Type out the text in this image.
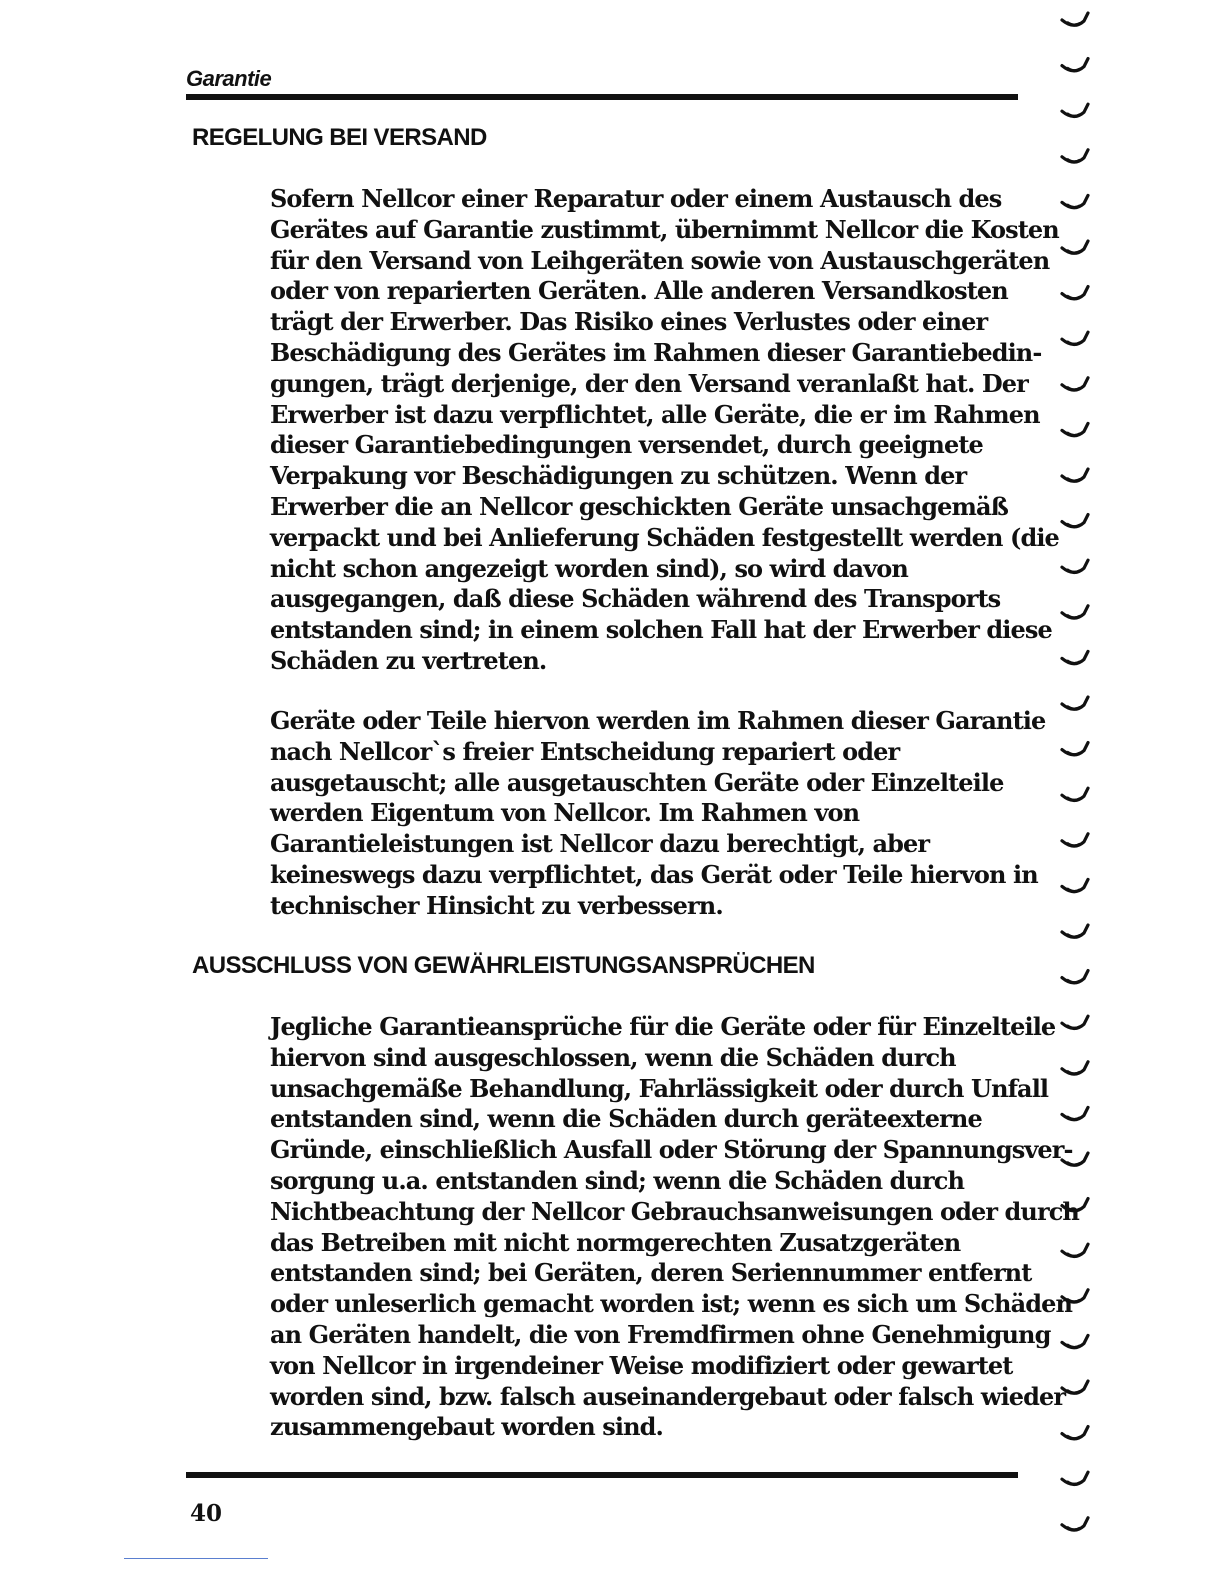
Garantie
REGELUNG BEI VERSAND

Sofern Nellcor einer Reparatur oder einem Austausch des
Gerätes auf Garantie zustimmt, übernimmt Nellcor die Kosten
für den Versand von Leihgeräten sowie von Austauschgeräten
oder von reparierten Geräten. Alle anderen Versandkosten
trägt der Erwerber. Das Risiko eines Verlustes oder einer
Beschädigung des Gerätes im Rahmen dieser Garantiebedin-
gungen, trägt derjenige, der den Versand veranlaßt hat. Der
Erwerber ist dazu verpflichtet, alle Geräte, die er im Rahmen
dieser Garantiebedingungen versendet, durch geeignete
Verpakung vor Beschädigungen zu schützen. Wenn der
Erwerber die an Nellcor geschickten Geräte unsachgemäß
verpackt und bei Anlieferung Schäden festgestellt werden (die
nicht schon angezeigt worden sind), so wird davon
ausgegangen, daß diese Schäden während des Transports
entstanden sind; in einem solchen Fall hat der Erwerber diese
Schäden zu vertreten.

Geräte oder Teile hiervon werden im Rahmen dieser Garantie
nach Nellcor`s freier Entscheidung repariert oder
ausgetauscht; alle ausgetauschten Geräte oder Einzelteile
werden Eigentum von Nellcor. Im Rahmen von
Garantieleistungen ist Nellcor dazu berechtigt, aber
keineswegs dazu verpflichtet, das Gerät oder Teile hiervon in
technischer Hinsicht zu verbessern.

AUSSCHLUSS VON GEWÄHRLEISTUNGSANSPRÜCHEN

Jegliche Garantieansprüche für die Geräte oder für Einzelteile
hiervon sind ausgeschlossen, wenn die Schäden durch
unsachgemäße Behandlung, Fahrlässigkeit oder durch Unfall
entstanden sind, wenn die Schäden durch geräteexterne
Gründe, einschließlich Ausfall oder Störung der Spannungsver-
sorgung u.a. entstanden sind; wenn die Schäden durch
Nichtbeachtung der Nellcor Gebrauchsanweisungen oder durch
das Betreiben mit nicht normgerechten Zusatzgeräten
entstanden sind; bei Geräten, deren Seriennummer entfernt
oder unleserlich gemacht worden ist; wenn es sich um Schäden
an Geräten handelt, die von Fremdfirmen ohne Genehmigung
von Nellcor in irgendeiner Weise modifiziert oder gewartet
worden sind, bzw. falsch auseinandergebaut oder falsch wieder
zusammengebaut worden sind.

40
